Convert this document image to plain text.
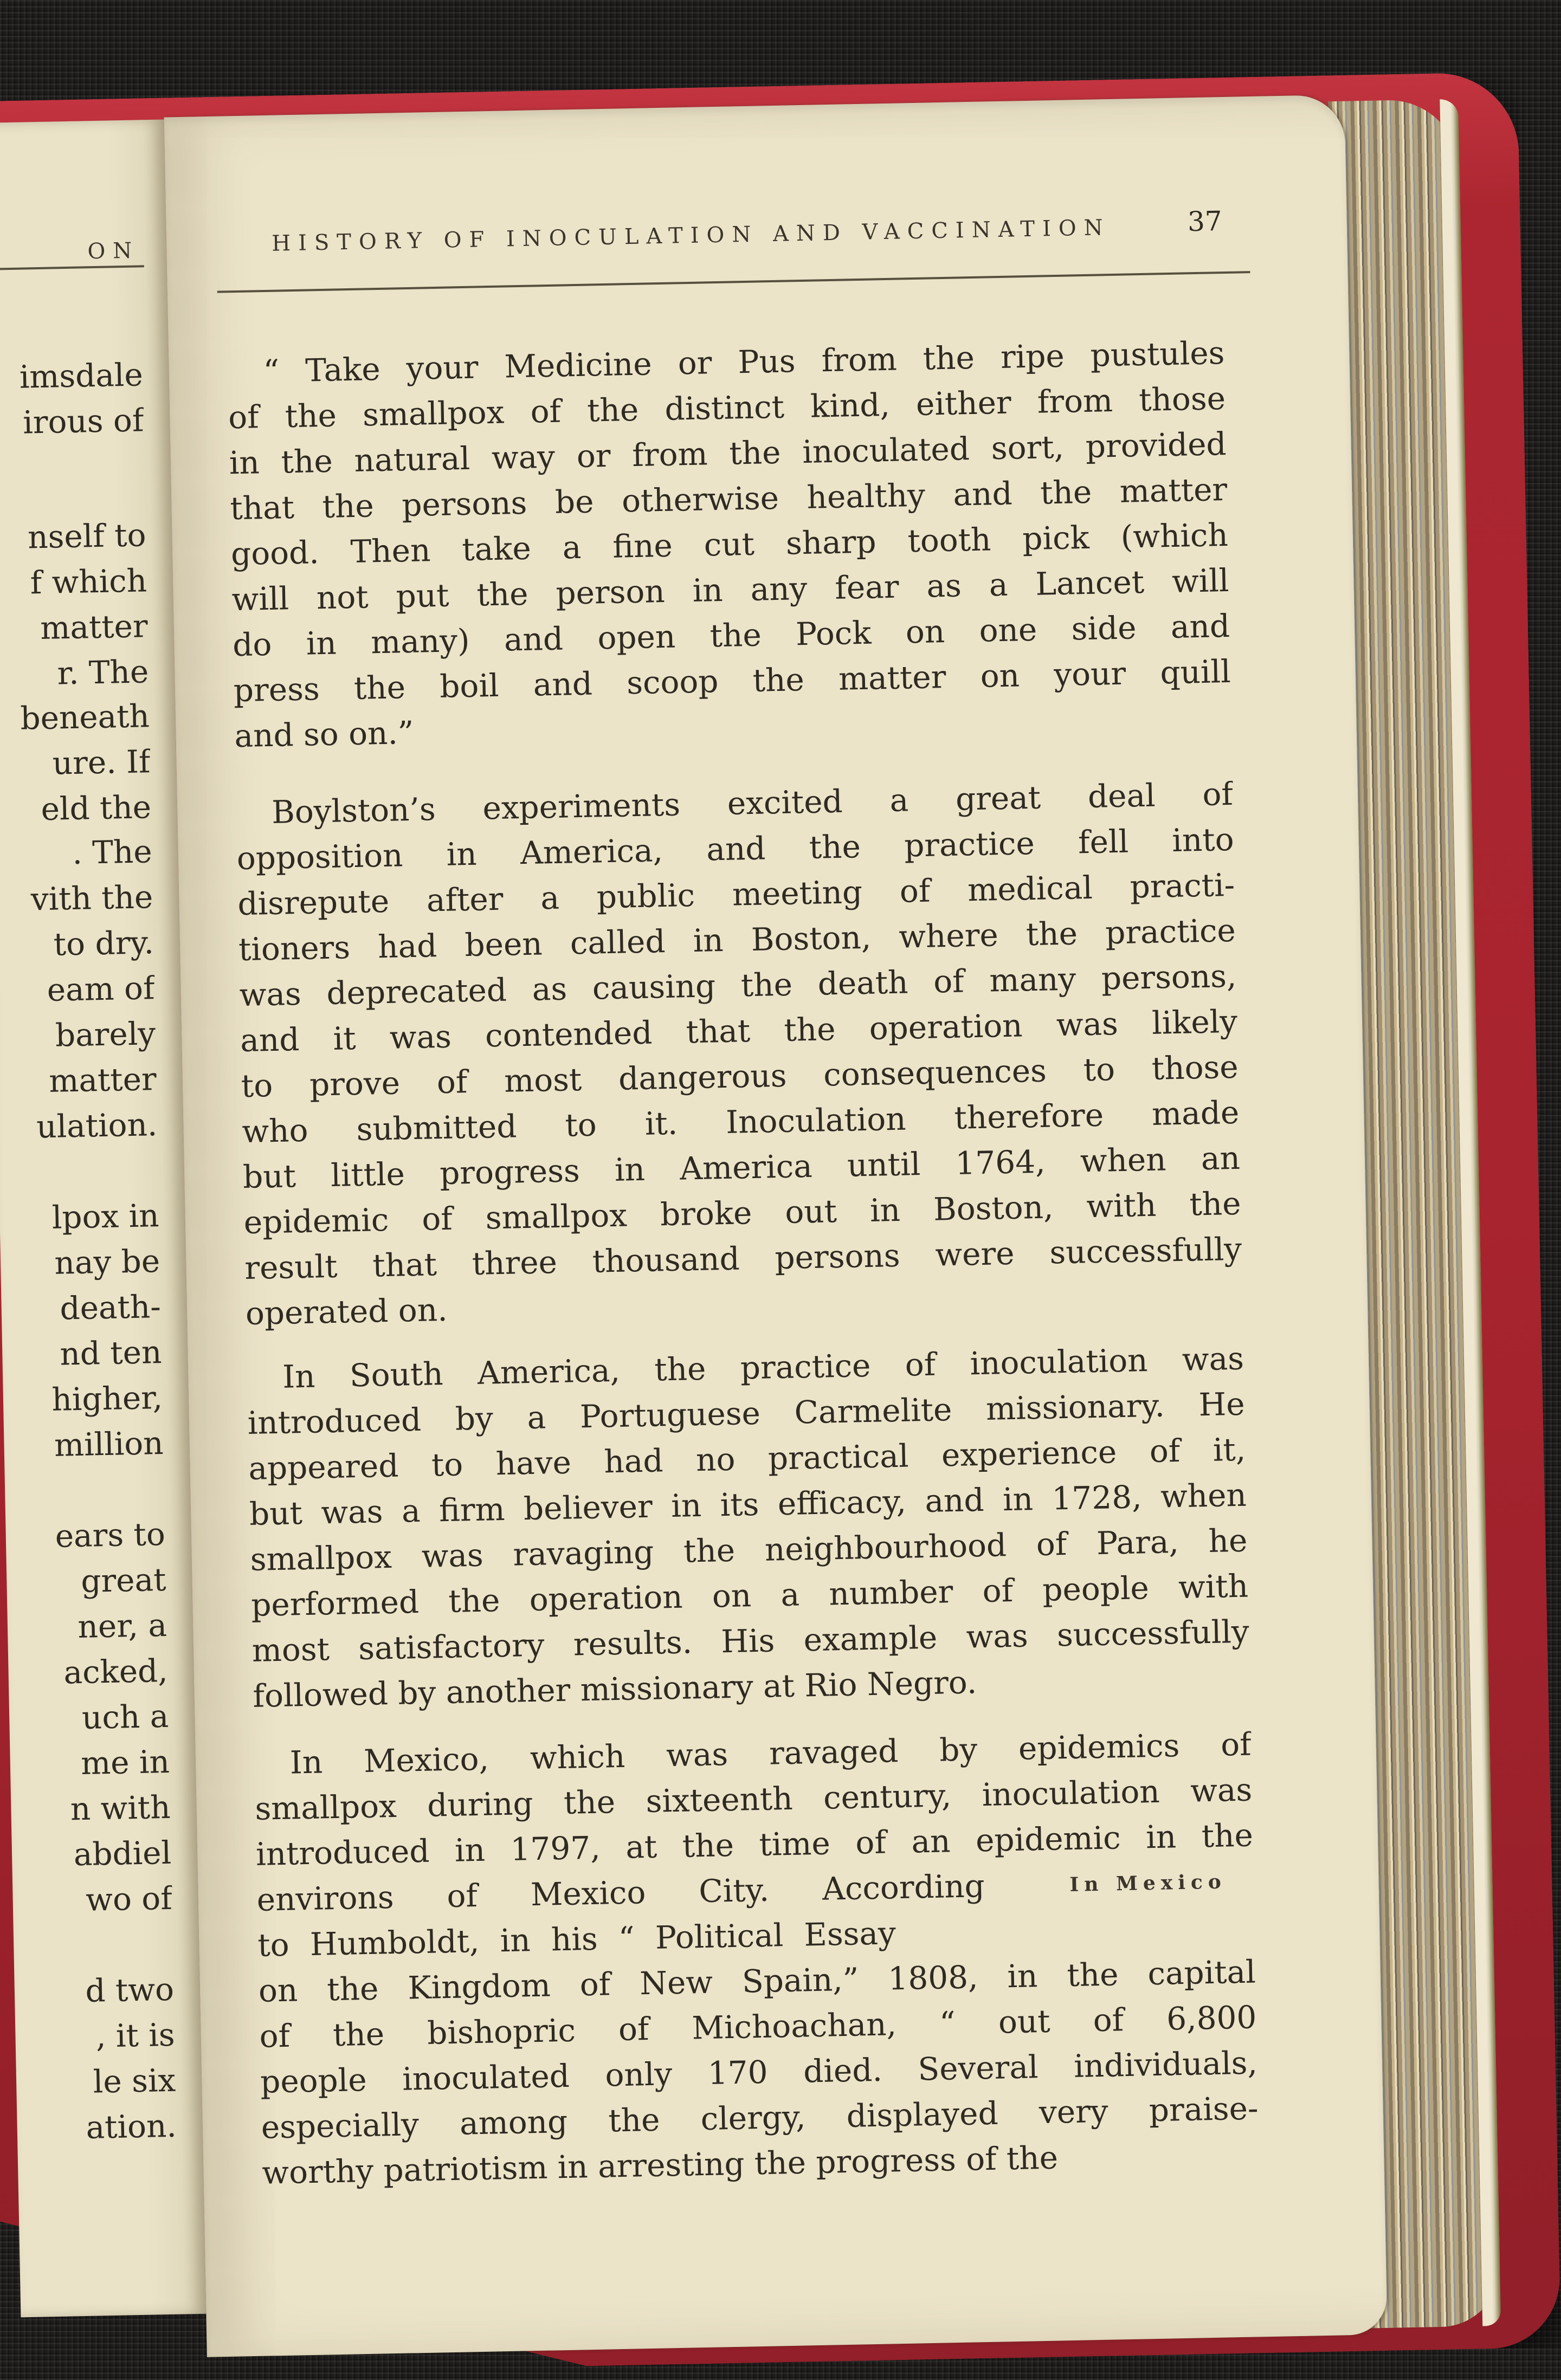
ON
imsdale
irous of
nself to
f which
matter
r. The
beneath
ure. If
eld the
. The
vith the
to dry.
eam of
barely
matter
ulation.
lpox in
nay be
death-
nd ten
higher,
million
ears to
great
ner, a
acked,
uch a
me in
n with
abdiel
wo of
d two
, it is
le six
ation.
HISTORY OF INOCULATION AND VACCINATION	37
“ Take your Medicine or Pus from the ripe pustules
of the smallpox of the distinct kind, either from those
in the natural way or from the inoculated sort, provided
that the persons be otherwise healthy and the matter
good. Then take a fine cut sharp tooth pick (which
will not put the person in any fear as a Lancet will
do in many) and open the Pock on one side and
press the boil and scoop the matter on your quill
and so on.”
Boylston’s experiments excited a great deal of
opposition in America, and the practice fell into
disrepute after a public meeting of medical practi-
tioners had been called in Boston, where the practice
was deprecated as causing the death of many persons,
and it was contended that the operation was likely
to prove of most dangerous consequences to those
who submitted to it. Inoculation therefore made
but little progress in America until 1764, when an
epidemic of smallpox broke out in Boston, with the
result that three thousand persons were successfully
operated on.
In South America, the practice of inoculation was
introduced by a Portuguese Carmelite missionary. He
appeared to have had no practical experience of it,
but was a firm believer in its efficacy, and in 1728, when
smallpox was ravaging the neighbourhood of Para, he
performed the operation on a number of people with
most satisfactory results. His example was successfully
followed by another missionary at Rio Negro.
In Mexico, which was ravaged by epidemics of
smallpox during the sixteenth century, inoculation was
introduced in 1797, at the time of an epidemic in the
environs of Mexico City. According
to Humboldt, in his “ Political Essay
on the Kingdom of New Spain,” 1808, in the capital
of the bishopric of Michoachan, “ out of 6,800
people inoculated only 170 died. Several individuals,
especially among the clergy, displayed very praise-
worthy patriotism in arresting the progress of the
In Mexico
